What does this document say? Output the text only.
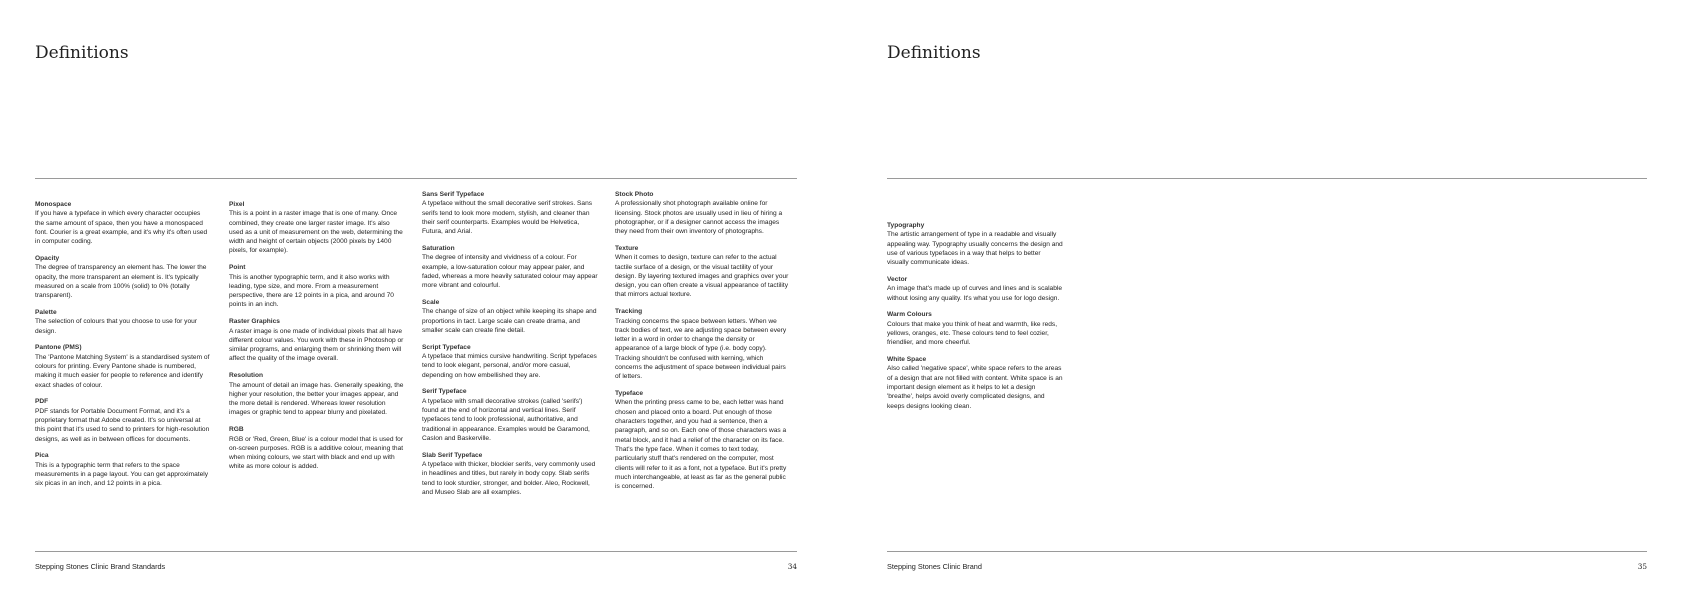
Definitions
Monospace
If you have a typeface in which every character occupies the same amount of space, then you have a monospaced font. Courier is a great example, and it's why it's often used in computer coding.
Opacity
The degree of transparency an element has. The lower the opacity, the more transparent an element is. It's typically measured on a scale from 100% (solid) to 0% (totally transparent).
Palette
The selection of colours that you choose to use for your design.
Pantone (PMS)
The 'Pantone Matching System' is a standardised system of colours for printing. Every Pantone shade is numbered, making it much easier for people to reference and identify exact shades of colour.
PDF
PDF stands for Portable Document Format, and it's a proprietary format that Adobe created. It's so universal at this point that it's used to send to printers for high-resolution designs, as well as in between offices for documents.
Pica
This is a typographic term that refers to the space measurements in a page layout. You can get approximately six picas in an inch, and 12 points in a pica.
Pixel
This is a point in a raster image that is one of many. Once combined, they create one larger raster image. It's also used as a unit of measurement on the web, determining the width and height of certain objects (2000 pixels by 1400 pixels, for example).
Point
This is another typographic term, and it also works with leading, type size, and more. From a measurement perspective, there are 12 points in a pica, and around 70 points in an inch.
Raster Graphics
A raster image is one made of individual pixels that all have different colour values. You work with these in Photoshop or similar programs, and enlarging them or shrinking them will affect the quality of the image overall.
Resolution
The amount of detail an image has. Generally speaking, the higher your resolution, the better your images appear, and the more detail is rendered. Whereas lower resolution images or graphic tend to appear blurry and pixelated.
RGB
RGB or 'Red, Green, Blue' is a colour model that is used for on-screen purposes. RGB is a additive colour, meaning that when mixing colours, we start with black and end up with white as more colour is added.
Sans Serif Typeface
A typeface without the small decorative serif strokes. Sans serifs tend to look more modern, stylish, and cleaner than their serif counterparts. Examples would be Helvetica, Futura, and Arial.
Saturation
The degree of intensity and vividness of a colour. For example, a low-saturation colour may appear paler, and faded, whereas a more heavily saturated colour may appear more vibrant and colourful.
Scale
The change of size of an object while keeping its shape and proportions in tact. Large scale can create drama, and smaller scale can create fine detail.
Script Typeface
A typeface that mimics cursive handwriting. Script typefaces tend to look elegant, personal, and/or more casual, depending on how embellished they are.
Serif Typeface
A typeface with small decorative strokes (called 'serifs') found at the end of horizontal and vertical lines. Serif typefaces tend to look professional, authoritative, and traditional in appearance. Examples would be Garamond, Caslon and Baskerville.
Slab Serif Typeface
A typeface with thicker, blockier serifs, very commonly used in headlines and titles, but rarely in body copy. Slab serifs tend to look sturdier, stronger, and bolder. Aleo, Rockwell, and Museo Slab are all examples.
Stock Photo
A professionally shot photograph available online for licensing. Stock photos are usually used in lieu of hiring a photographer, or if a designer cannot access the images they need from their own inventory of photographs.
Texture
When it comes to design, texture can refer to the actual tactile surface of a design, or the visual tactility of your design. By layering textured images and graphics over your design, you can often create a visual appearance of tactility that mirrors actual texture.
Tracking
Tracking concerns the space between letters. When we track bodies of text, we are adjusting space between every letter in a word in order to change the density or appearance of a large block of type (i.e. body copy). Tracking shouldn't be confused with kerning, which concerns the adjustment of space between individual pairs of letters.
Typeface
When the printing press came to be, each letter was hand chosen and placed onto a board. Put enough of those characters together, and you had a sentence, then a paragraph, and so on. Each one of those characters was a metal block, and it had a relief of the character on its face. That's the type face. When it comes to text today, particularly stuff that's rendered on the computer, most clients will refer to it as a font, not a typeface. But it's pretty much interchangeable, at least as far as the general public is concerned.
Stepping Stones Clinic Brand Standards	34
Definitions
Typography
The artistic arrangement of type in a readable and visually appealing way. Typography usually concerns the design and use of various typefaces in a way that helps to better visually communicate ideas.
Vector
An image that's made up of curves and lines and is scalable without losing any quality. It's what you use for logo design.
Warm Colours
Colours that make you think of heat and warmth, like reds, yellows, oranges, etc. These colours tend to feel cozier, friendlier, and more cheerful.
White Space
Also called 'negative space', white space refers to the areas of a design that are not filled with content. White space is an important design element as it helps to let a design 'breathe', helps avoid overly complicated designs, and keeps designs looking clean.
Stepping Stones Clinic Brand	35
